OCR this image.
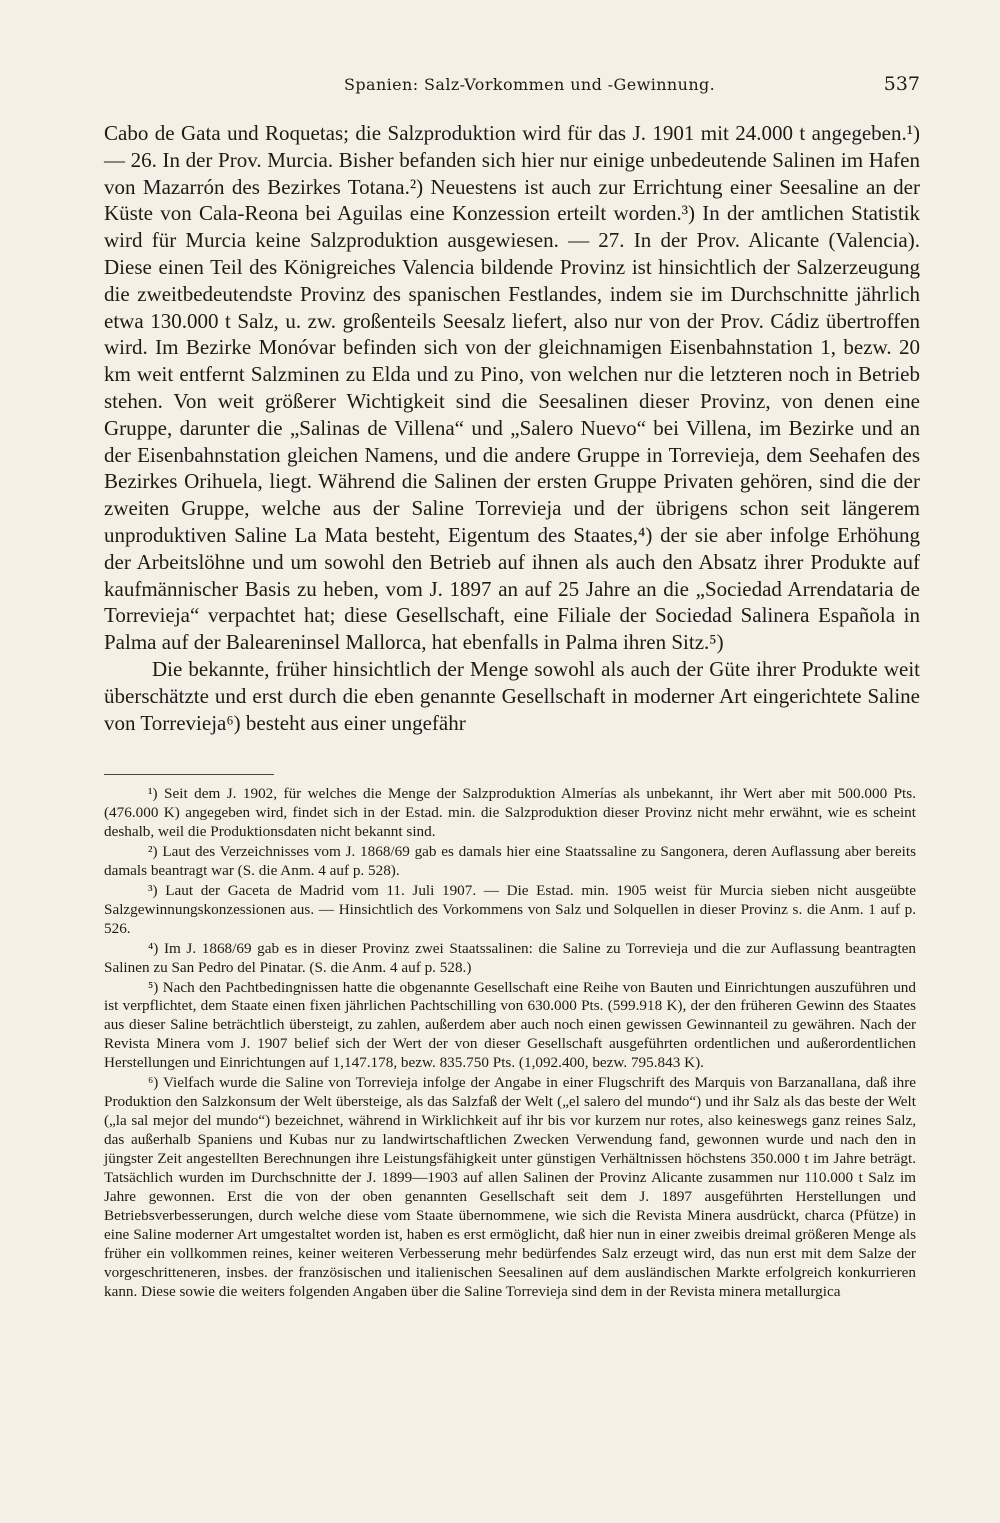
Spanien: Salz-Vorkommen und -Gewinnung.	537

Cabo de Gata und Roquetas; die Salzproduktion wird für das J. 1901 mit 24.000 t angegeben.¹) — 26. In der Prov. Murcia. Bisher befanden sich hier nur einige unbedeutende Salinen im Hafen von Mazarrón des Bezirkes Totana.²) Neuestens ist auch zur Errichtung einer Seesaline an der Küste von Cala-Reona bei Aguilas eine Konzession erteilt worden.³) In der amtlichen Statistik wird für Murcia keine Salzproduktion ausgewiesen. — 27. In der Prov. Alicante (Valencia). Diese einen Teil des Königreiches Valencia bildende Provinz ist hinsichtlich der Salzerzeugung die zweitbedeutendste Provinz des spanischen Festlandes, indem sie im Durchschnitte jährlich etwa 130.000 t Salz, u. zw. großenteils Seesalz liefert, also nur von der Prov. Cádiz übertroffen wird. Im Bezirke Monóvar befinden sich von der gleichnamigen Eisenbahnstation 1, bezw. 20 km weit entfernt Salzminen zu Elda und zu Pino, von welchen nur die letzteren noch in Betrieb stehen. Von weit größerer Wichtigkeit sind die Seesalinen dieser Provinz, von denen eine Gruppe, darunter die „Salinas de Villena“ und „Salero Nuevo“ bei Villena, im Bezirke und an der Eisenbahnstation gleichen Namens, und die andere Gruppe in Torrevieja, dem Seehafen des Bezirkes Orihuela, liegt. Während die Salinen der ersten Gruppe Privaten gehören, sind die der zweiten Gruppe, welche aus der Saline Torrevieja und der übrigens schon seit längerem unproduktiven Saline La Mata besteht, Eigentum des Staates,⁴) der sie aber infolge Erhöhung der Arbeitslöhne und um sowohl den Betrieb auf ihnen als auch den Absatz ihrer Produkte auf kaufmännischer Basis zu heben, vom J. 1897 an auf 25 Jahre an die „Sociedad Arrendataria de Torrevieja“ verpachtet hat; diese Gesellschaft, eine Filiale der Sociedad Salinera Española in Palma auf der Baleareninsel Mallorca, hat ebenfalls in Palma ihren Sitz.⁵)

Die bekannte, früher hinsichtlich der Menge sowohl als auch der Güte ihrer Produkte weit überschätzte und erst durch die eben genannte Gesellschaft in moderner Art eingerichtete Saline von Torrevieja⁶) besteht aus einer ungefähr

¹) Seit dem J. 1902, für welches die Menge der Salzproduktion Almerías als unbekannt, ihr Wert aber mit 500.000 Pts. (476.000 K) angegeben wird, findet sich in der Estad. min. die Salzproduktion dieser Provinz nicht mehr erwähnt, wie es scheint deshalb, weil die Produktionsdaten nicht bekannt sind.

²) Laut des Verzeichnisses vom J. 1868/69 gab es damals hier eine Staatssaline zu Sangonera, deren Auflassung aber bereits damals beantragt war (S. die Anm. 4 auf p. 528).

³) Laut der Gaceta de Madrid vom 11. Juli 1907. — Die Estad. min. 1905 weist für Murcia sieben nicht ausgeübte Salzgewinnungskonzessionen aus. — Hinsichtlich des Vorkommens von Salz und Solquellen in dieser Provinz s. die Anm. 1 auf p. 526.

⁴) Im J. 1868/69 gab es in dieser Provinz zwei Staatssalinen: die Saline zu Torrevieja und die zur Auflassung beantragten Salinen zu San Pedro del Pinatar. (S. die Anm. 4 auf p. 528.)

⁵) Nach den Pachtbedingnissen hatte die obgenannte Gesellschaft eine Reihe von Bauten und Einrichtungen auszuführen und ist verpflichtet, dem Staate einen fixen jährlichen Pachtschilling von 630.000 Pts. (599.918 K), der den früheren Gewinn des Staates aus dieser Saline beträchtlich übersteigt, zu zahlen, außerdem aber auch noch einen gewissen Gewinnanteil zu gewähren. Nach der Revista Minera vom J. 1907 belief sich der Wert der von dieser Gesellschaft ausgeführten ordentlichen und außerordentlichen Herstellungen und Einrichtungen auf 1,147.178, bezw. 835.750 Pts. (1,092.400, bezw. 795.843 K).

⁶) Vielfach wurde die Saline von Torrevieja infolge der Angabe in einer Flugschrift des Marquis von Barzanallana, daß ihre Produktion den Salzkonsum der Welt übersteige, als das Salzfaß der Welt („el salero del mundo“) und ihr Salz als das beste der Welt („la sal mejor del mundo“) bezeichnet, während in Wirklichkeit auf ihr bis vor kurzem nur rotes, also keineswegs ganz reines Salz, das außerhalb Spaniens und Kubas nur zu landwirtschaftlichen Zwecken Verwendung fand, gewonnen wurde und nach den in jüngster Zeit angestellten Berechnungen ihre Leistungsfähigkeit unter günstigen Verhältnissen höchstens 350.000 t im Jahre beträgt. Tatsächlich wurden im Durchschnitte der J. 1899—1903 auf allen Salinen der Provinz Alicante zusammen nur 110.000 t Salz im Jahre gewonnen. Erst die von der oben genannten Gesellschaft seit dem J. 1897 ausgeführten Herstellungen und Betriebsverbesserungen, durch welche diese vom Staate übernommene, wie sich die Revista Minera ausdrückt, charca (Pfütze) in eine Saline moderner Art umgestaltet worden ist, haben es erst ermöglicht, daß hier nun in einer zweibis dreimal größeren Menge als früher ein vollkommen reines, keiner weiteren Verbesserung mehr bedürfendes Salz erzeugt wird, das nun erst mit dem Salze der vorgeschritteneren, insbes. der französischen und italienischen Seesalinen auf dem ausländischen Markte erfolgreich konkurrieren kann. Diese sowie die weiters folgenden Angaben über die Saline Torrevieja sind dem in der Revista minera metallurgica
